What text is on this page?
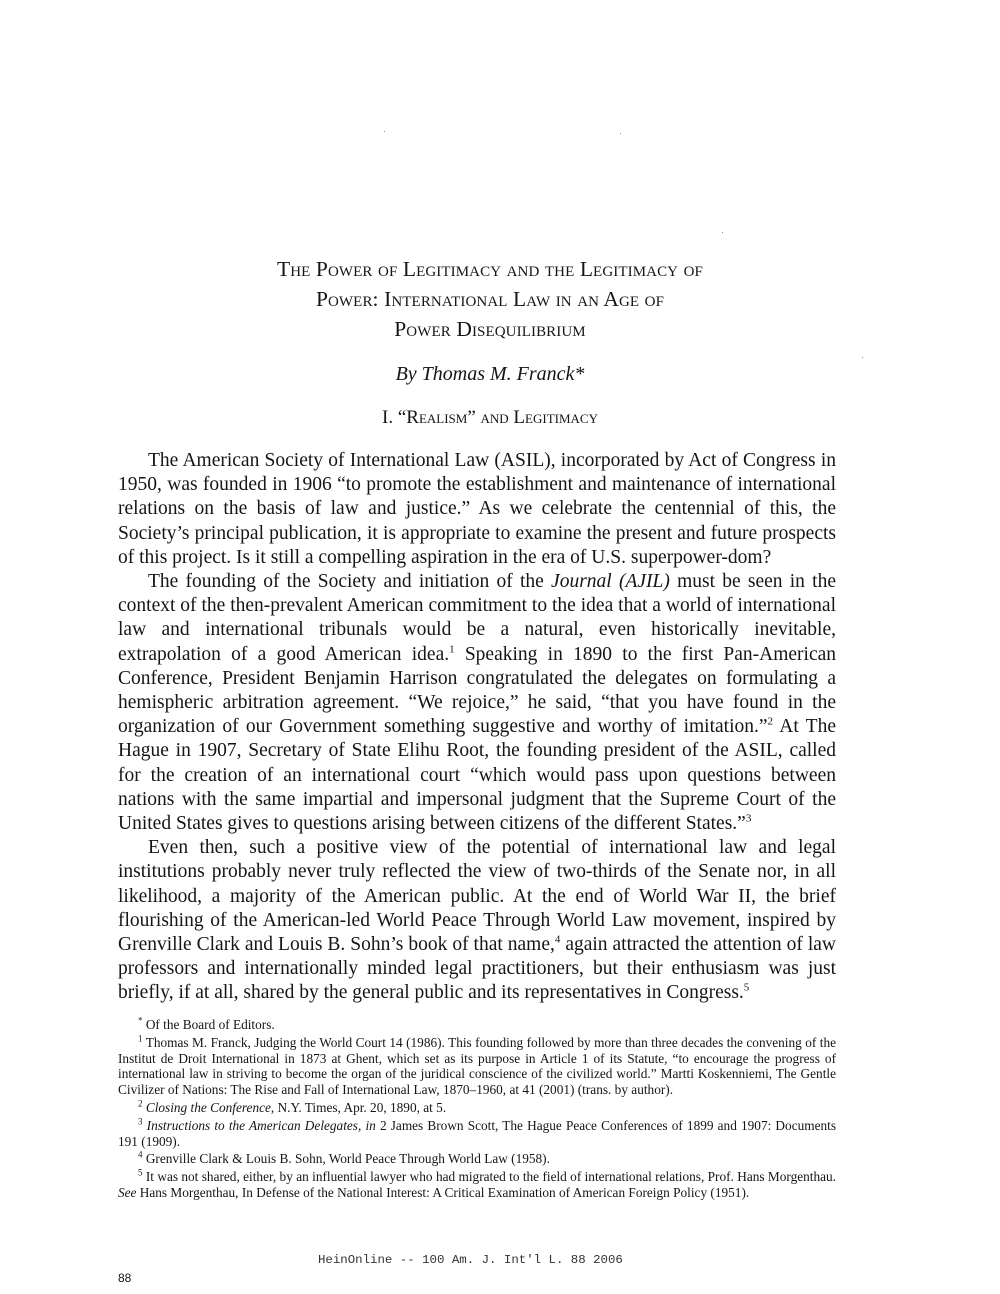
The Power of Legitimacy and the Legitimacy of
Power: International Law in an Age of
Power Disequilibrium
By Thomas M. Franck*
I. “Realism” and Legitimacy

The American Society of International Law (ASIL), incorporated by Act of Congress in 1950, was founded in 1906 “to promote the establishment and maintenance of international relations on the basis of law and justice.” As we celebrate the centennial of this, the Society’s principal publication, it is appropriate to examine the present and future prospects of this project. Is it still a compelling aspiration in the era of U.S. superpower-dom?

The founding of the Society and initiation of the Journal (AJIL) must be seen in the context of the then-prevalent American commitment to the idea that a world of international law and international tribunals would be a natural, even historically inevitable, extrapolation of a good American idea.$^1$ Speaking in 1890 to the first Pan-American Conference, President Benjamin Harrison congratulated the delegates on formulating a hemispheric arbitration agreement. “We rejoice,” he said, “that you have found in the organization of our Government something suggestive and worthy of imitation.”$^2$ At The Hague in 1907, Secretary of State Elihu Root, the founding president of the ASIL, called for the creation of an international court “which would pass upon questions between nations with the same impartial and impersonal judgment that the Supreme Court of the United States gives to questions arising between citizens of the different States.”$^3$

Even then, such a positive view of the potential of international law and legal institutions probably never truly reflected the view of two-thirds of the Senate nor, in all likelihood, a majority of the American public. At the end of World War II, the brief flourishing of the American-led World Peace Through World Law movement, inspired by Grenville Clark and Louis B. Sohn’s book of that name,$^4$ again attracted the attention of law professors and internationally minded legal practitioners, but their enthusiasm was just briefly, if at all, shared by the general public and its representatives in Congress.$^5$

* Of the Board of Editors.

$^1$ Thomas M. Franck, Judging the World Court 14 (1986). This founding followed by more than three decades the convening of the Institut de Droit International in 1873 at Ghent, which set as its purpose in Article 1 of its Statute, “to encourage the progress of international law in striving to become the organ of the juridical conscience of the civilized world.” Martti Koskenniemi, The Gentle Civilizer of Nations: The Rise and Fall of International Law, 1870–1960, at 41 (2001) (trans. by author).

$^2$ Closing the Conference, N.Y. Times, Apr. 20, 1890, at 5.

$^3$ Instructions to the American Delegates, in 2 James Brown Scott, The Hague Peace Conferences of 1899 and 1907: Documents 191 (1909).

$^4$ Grenville Clark & Louis B. Sohn, World Peace Through World Law (1958).

$^5$ It was not shared, either, by an influential lawyer who had migrated to the field of international relations, Prof. Hans Morgenthau. See Hans Morgenthau, In Defense of the National Interest: A Critical Examination of American Foreign Policy (1951).

HeinOnline -- 100 Am. J. Int'l L. 88 2006
88
